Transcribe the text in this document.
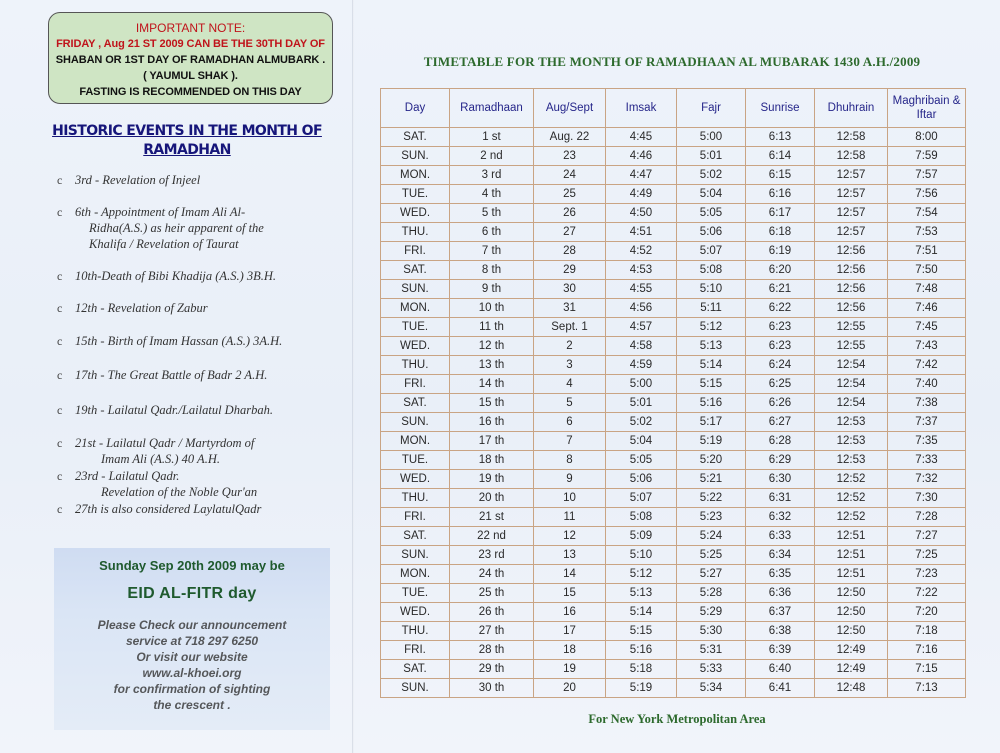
IMPORTANT NOTE:
FRIDAY , Aug 21 ST 2009 CAN BE THE 30TH DAY OF
SHABAN OR 1ST DAY OF RAMADHAN ALMUBARK .
( YAUMUL SHAK ).
FASTING IS RECOMMENDED ON THIS DAY
HISTORIC EVENTS IN THE MONTH OF RAMADHAN
c 3rd - Revelation of Injeel
c 6th - Appointment of Imam Ali Al-
Ridha(A.S.) as heir apparent of the
Khalifa / Revelation of Taurat
c 10th-Death of Bibi Khadija (A.S.) 3B.H.
c 12th - Revelation of Zabur
c 15th - Birth of Imam Hassan (A.S.) 3A.H.
c 17th - The Great Battle of Badr 2 A.H.
c 19th - Lailatul Qadr./Lailatul Dharbah.
c 21st - Lailatul Qadr / Martyrdom of
Imam Ali (A.S.) 40 A.H.
c 23rd - Lailatul Qadr.
Revelation of the Noble Qur'an
c 27th is also considered LaylatulQadr
Sunday Sep 20th 2009 may be
EID AL-FITR day
Please Check our announcement
service at 718 297 6250
Or visit our website
www.al-khoei.org
for confirmation of sighting
the crescent .
TIMETABLE FOR THE MONTH OF RAMADHAAN AL MUBARAK 1430 A.H./2009
Day	Ramadhaan	Aug/Sept	Imsak	Fajr	Sunrise	Dhuhrain	Maghribain & Iftar
SAT.	1 st	Aug. 22	4:45	5:00	6:13	12:58	8:00
SUN.	2 nd	23	4:46	5:01	6:14	12:58	7:59
MON.	3 rd	24	4:47	5:02	6:15	12:57	7:57
TUE.	4 th	25	4:49	5:04	6:16	12:57	7:56
WED.	5 th	26	4:50	5:05	6:17	12:57	7:54
THU.	6 th	27	4:51	5:06	6:18	12:57	7:53
FRI.	7 th	28	4:52	5:07	6:19	12:56	7:51
SAT.	8 th	29	4:53	5:08	6:20	12:56	7:50
SUN.	9 th	30	4:55	5:10	6:21	12:56	7:48
MON.	10 th	31	4:56	5:11	6:22	12:56	7:46
TUE.	11 th	Sept. 1	4:57	5:12	6:23	12:55	7:45
WED.	12 th	2	4:58	5:13	6:23	12:55	7:43
THU.	13 th	3	4:59	5:14	6:24	12:54	7:42
FRI.	14 th	4	5:00	5:15	6:25	12:54	7:40
SAT.	15 th	5	5:01	5:16	6:26	12:54	7:38
SUN.	16 th	6	5:02	5:17	6:27	12:53	7:37
MON.	17 th	7	5:04	5:19	6:28	12:53	7:35
TUE.	18 th	8	5:05	5:20	6:29	12:53	7:33
WED.	19 th	9	5:06	5:21	6:30	12:52	7:32
THU.	20 th	10	5:07	5:22	6:31	12:52	7:30
FRI.	21 st	11	5:08	5:23	6:32	12:52	7:28
SAT.	22 nd	12	5:09	5:24	6:33	12:51	7:27
SUN.	23 rd	13	5:10	5:25	6:34	12:51	7:25
MON.	24 th	14	5:12	5:27	6:35	12:51	7:23
TUE.	25 th	15	5:13	5:28	6:36	12:50	7:22
WED.	26 th	16	5:14	5:29	6:37	12:50	7:20
THU.	27 th	17	5:15	5:30	6:38	12:50	7:18
FRI.	28 th	18	5:16	5:31	6:39	12:49	7:16
SAT.	29 th	19	5:18	5:33	6:40	12:49	7:15
SUN.	30 th	20	5:19	5:34	6:41	12:48	7:13
For New York Metropolitan Area
